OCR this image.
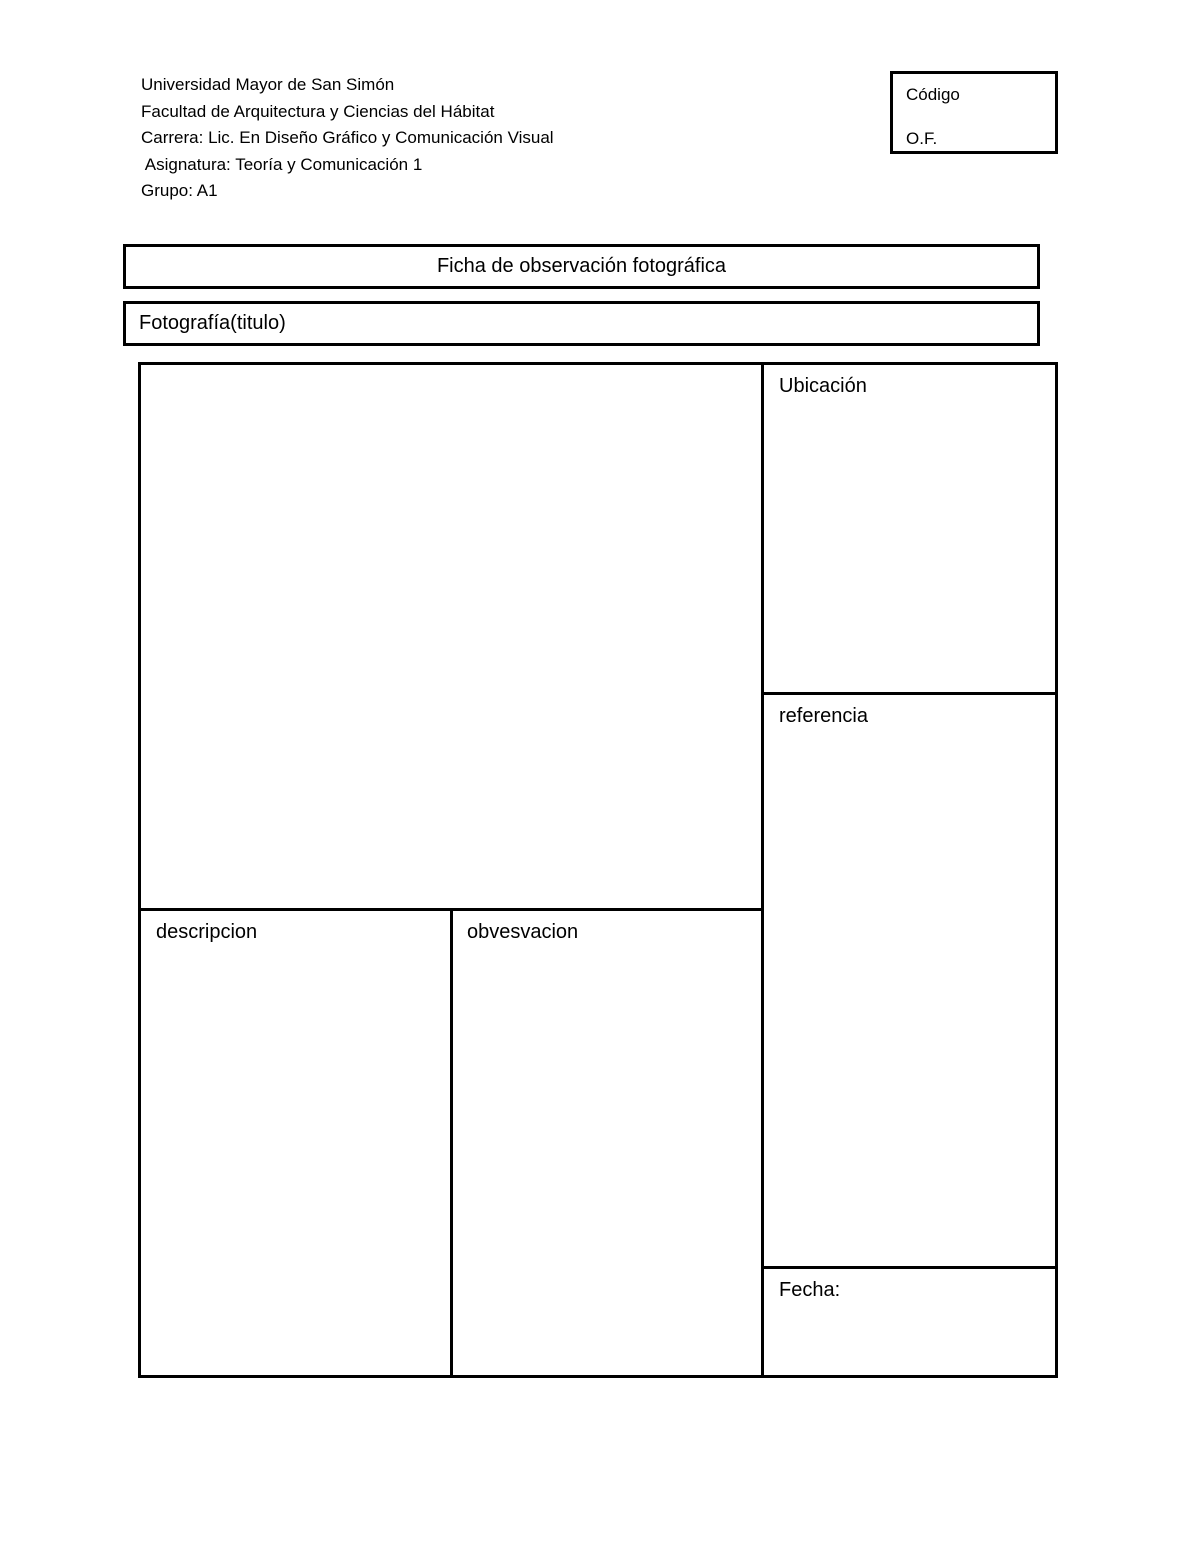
Universidad Mayor de San Simón
Facultad de Arquitectura y Ciencias del Hábitat
Carrera: Lic. En Diseño Gráfico y Comunicación Visual
Asignatura: Teoría y Comunicación 1
Grupo: A1
Código
O.F.
Ficha de observación fotográfica
Fotografía(titulo)
descripcion	obvesvacion
Ubicación
referencia
Fecha:
